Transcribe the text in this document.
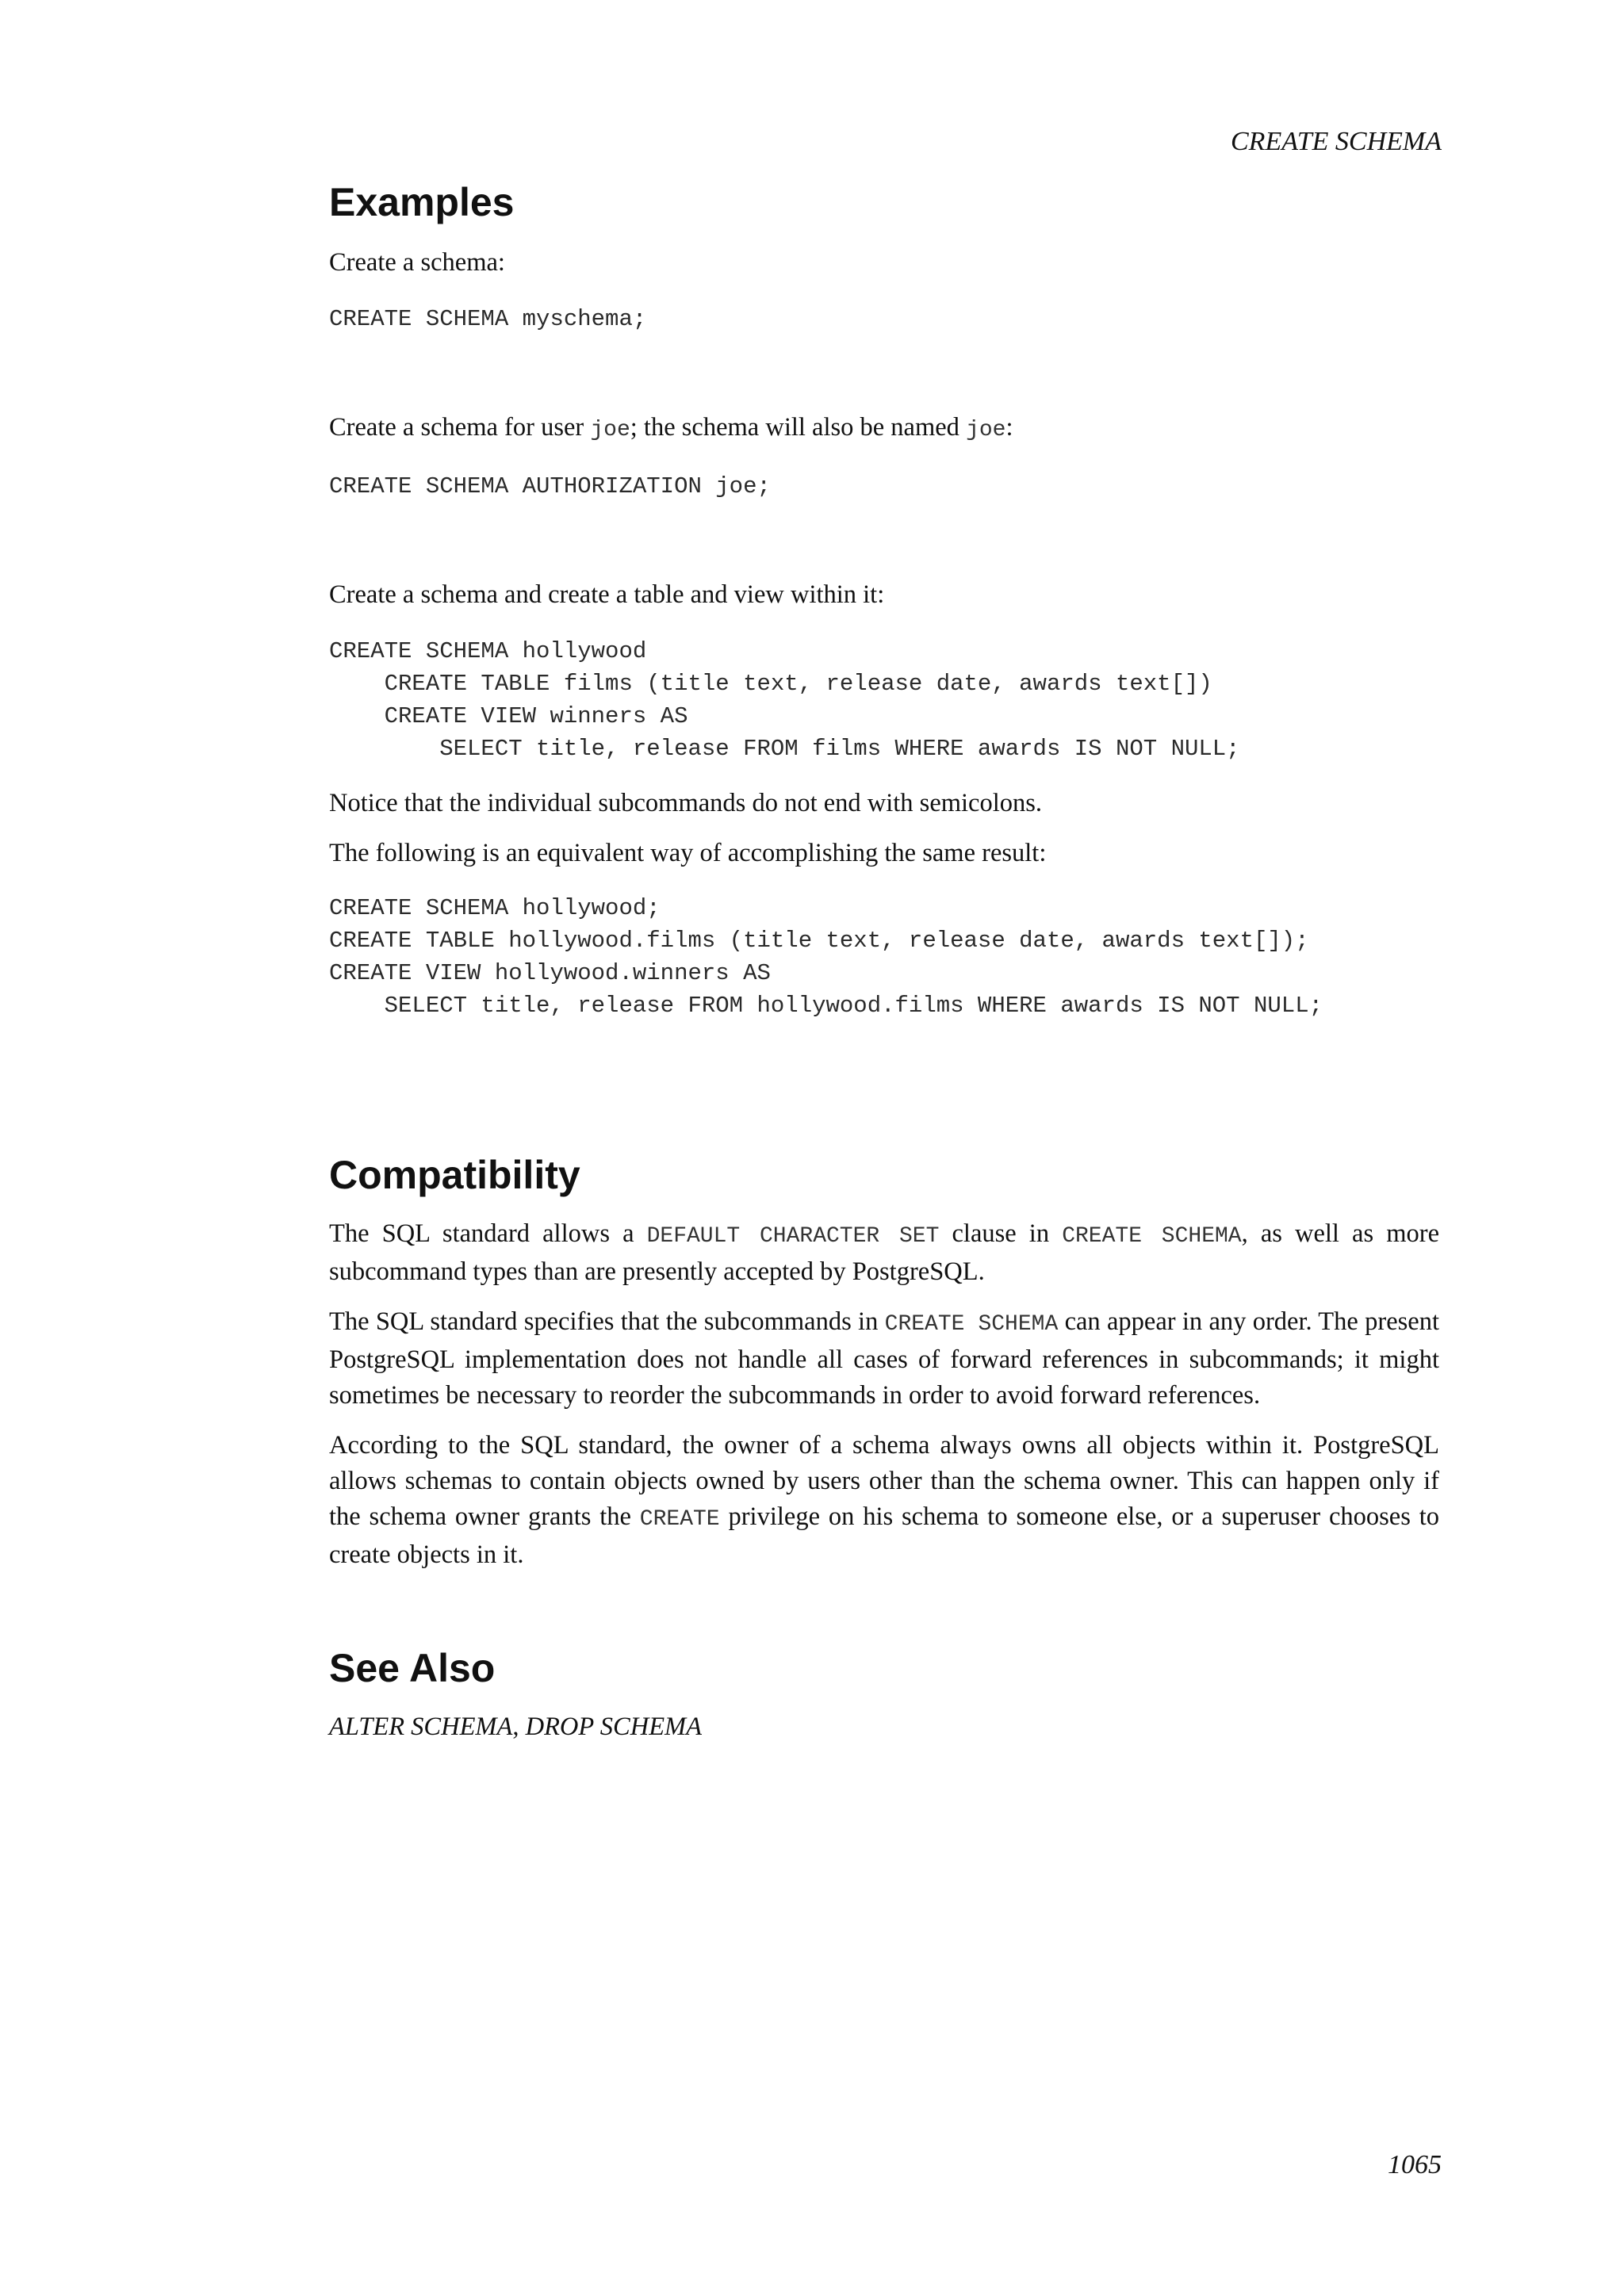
CREATE SCHEMA
Examples

Create a schema:

CREATE SCHEMA myschema;

Create a schema for user joe; the schema will also be named joe:

CREATE SCHEMA AUTHORIZATION joe;

Create a schema and create a table and view within it:

CREATE SCHEMA hollywood
CREATE TABLE films (title text, release date, awards text[])
CREATE VIEW winners AS
SELECT title, release FROM films WHERE awards IS NOT NULL;

Notice that the individual subcommands do not end with semicolons.

The following is an equivalent way of accomplishing the same result:

CREATE SCHEMA hollywood;
CREATE TABLE hollywood.films (title text, release date, awards text[]);
CREATE VIEW hollywood.winners AS
SELECT title, release FROM hollywood.films WHERE awards IS NOT NULL;
Compatibility

The SQL standard allows a DEFAULT CHARACTER SET clause in CREATE SCHEMA, as well as more subcommand types than are presently accepted by PostgreSQL.

The SQL standard specifies that the subcommands in CREATE SCHEMA can appear in any order. The present PostgreSQL implementation does not handle all cases of forward references in subcommands; it might sometimes be necessary to reorder the subcommands in order to avoid forward references.

According to the SQL standard, the owner of a schema always owns all objects within it. PostgreSQL allows schemas to contain objects owned by users other than the schema owner. This can happen only if the schema owner grants the CREATE privilege on his schema to someone else, or a superuser chooses to create objects in it.

See Also

ALTER SCHEMA, DROP SCHEMA

1065
